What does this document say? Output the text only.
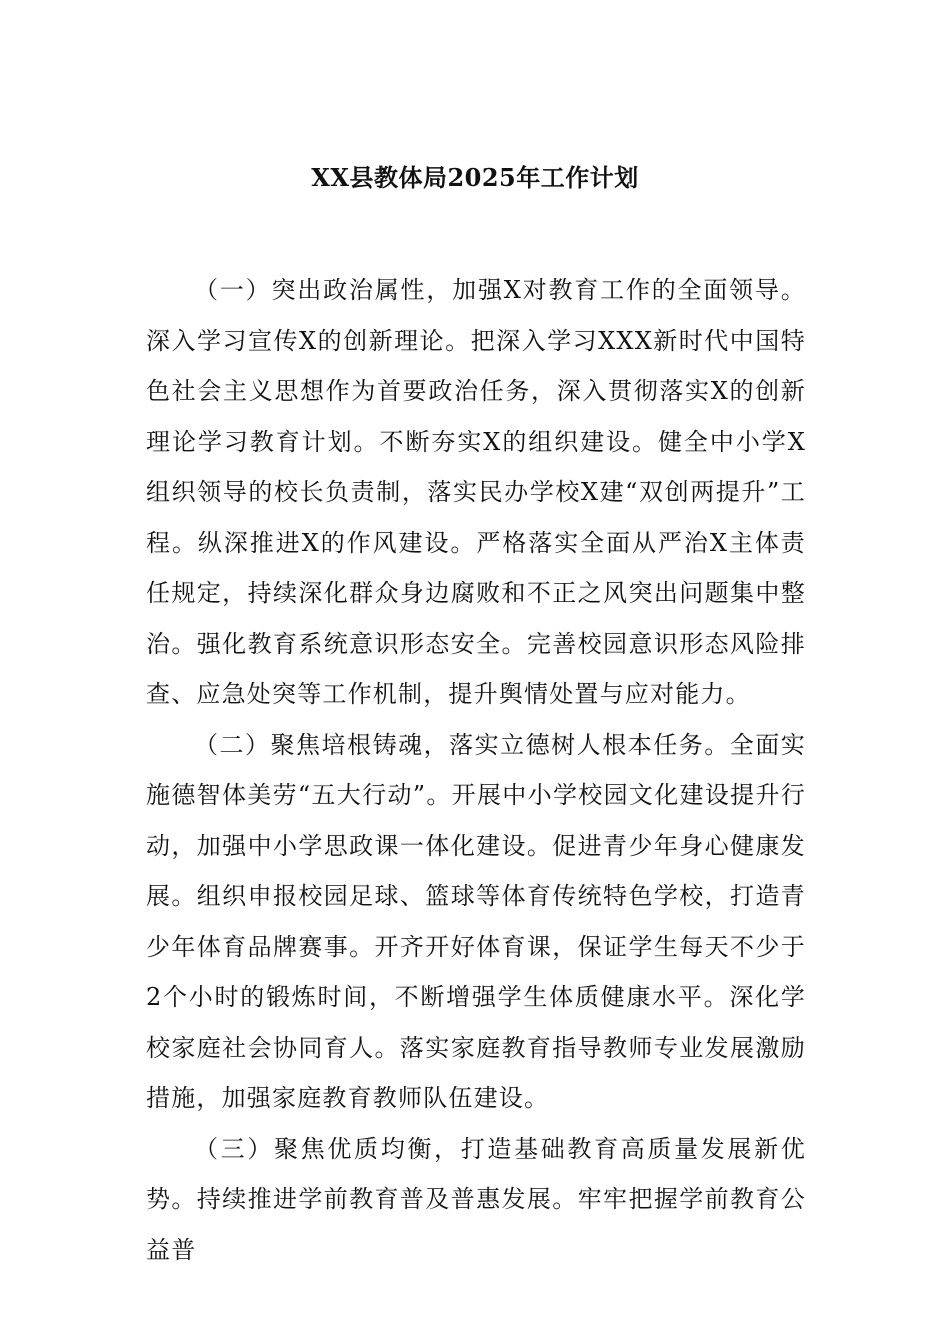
XX县教体局2025年工作计划

（一）突出政治属性，加强X对教育工作的全面领导。深入学习宣传X的创新理论。把深入学习XXX新时代中国特色社会主义思想作为首要政治任务，深入贯彻落实X的创新理论学习教育计划。不断夯实X的组织建设。健全中小学X组织领导的校长负责制，落实民办学校X建“双创两提升”工程。纵深推进X的作风建设。严格落实全面从严治X主体责任规定，持续深化群众身边腐败和不正之风突出问题集中整治。强化教育系统意识形态安全。完善校园意识形态风险排查、应急处突等工作机制，提升舆情处置与应对能力。

（二）聚焦培根铸魂，落实立德树人根本任务。全面实施德智体美劳“五大行动”。开展中小学校园文化建设提升行动，加强中小学思政课一体化建设。促进青少年身心健康发展。组织申报校园足球、篮球等体育传统特色学校，打造青少年体育品牌赛事。开齐开好体育课，保证学生每天不少于2个小时的锻炼时间，不断增强学生体质健康水平。深化学校家庭社会协同育人。落实家庭教育指导教师专业发展激励措施，加强家庭教育教师队伍建设。

（三）聚焦优质均衡，打造基础教育高质量发展新优势。持续推进学前教育普及普惠发展。牢牢把握学前教育公益普
